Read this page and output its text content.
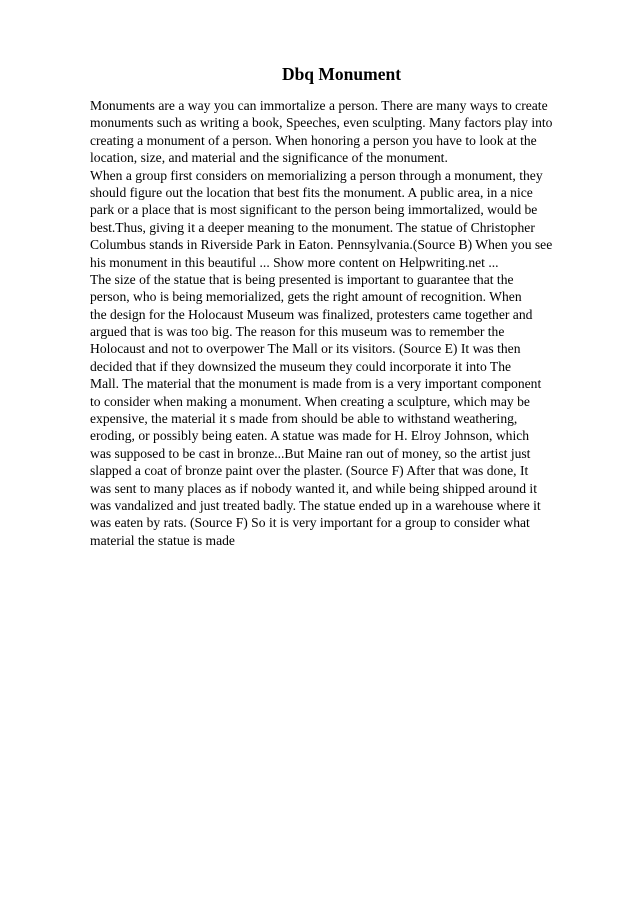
Dbq Monument
Monuments are a way you can immortalize a person. There are many ways to create
monuments such as writing a book, Speeches, even sculpting. Many factors play into
creating a monument of a person. When honoring a person you have to look at the
location, size, and material and the significance of the monument.
When a group first considers on memorializing a person through a monument, they
should figure out the location that best fits the monument. A public area, in a nice
park or a place that is most significant to the person being immortalized, would be
best.Thus, giving it a deeper meaning to the monument. The statue of Christopher
Columbus stands in Riverside Park in Eaton. Pennsylvania.(Source B) When you see
his monument in this beautiful ... Show more content on Helpwriting.net ...
The size of the statue that is being presented is important to guarantee that the
person, who is being memorialized, gets the right amount of recognition. When
the design for the Holocaust Museum was finalized, protesters came together and
argued that is was too big. The reason for this museum was to remember the
Holocaust and not to overpower The Mall or its visitors. (Source E) It was then
decided that if they downsized the museum they could incorporate it into The
Mall. The material that the monument is made from is a very important component
to consider when making a monument. When creating a sculpture, which may be
expensive, the material it s made from should be able to withstand weathering,
eroding, or possibly being eaten. A statue was made for H. Elroy Johnson, which
was supposed to be cast in bronze...But Maine ran out of money, so the artist just
slapped a coat of bronze paint over the plaster. (Source F) After that was done, It
was sent to many places as if nobody wanted it, and while being shipped around it
was vandalized and just treated badly. The statue ended up in a warehouse where it
was eaten by rats. (Source F) So it is very important for a group to consider what
material the statue is made
